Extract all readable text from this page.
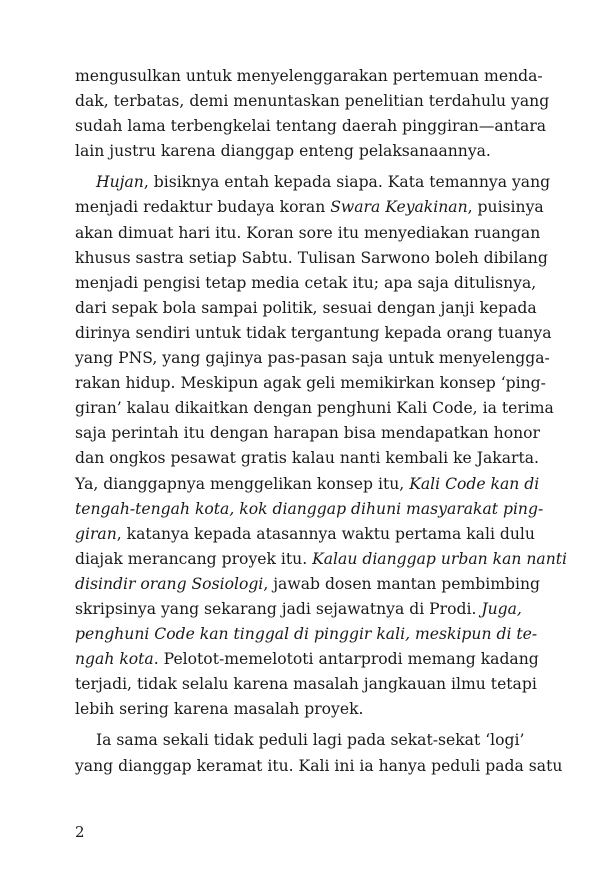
mengusulkan untuk menyelenggarakan pertemuan menda-
dak, terbatas, demi menuntaskan penelitian terdahulu yang
sudah lama terbengkelai tentang daerah pinggiran—antara
lain justru karena dianggap enteng pelaksanaannya.

Hujan, bisiknya entah kepada siapa. Kata temannya yang
menjadi redaktur budaya koran Swara Keyakinan, puisinya
akan dimuat hari itu. Koran sore itu menyediakan ruangan
khusus sastra setiap Sabtu. Tulisan Sarwono boleh dibilang
menjadi pengisi tetap media cetak itu; apa saja ditulisnya,
dari sepak bola sampai politik, sesuai dengan janji kepada
dirinya sendiri untuk tidak tergantung kepada orang tuanya
yang PNS, yang gajinya pas-pasan saja untuk menyelengga-
rakan hidup. Meskipun agak geli memikirkan konsep ‘ping-
giran’ kalau dikaitkan dengan penghuni Kali Code, ia terima
saja perintah itu dengan harapan bisa mendapatkan honor
dan ongkos pesawat gratis kalau nanti kembali ke Jakarta.
Ya, dianggapnya menggelikan konsep itu, Kali Code kan di
tengah-tengah kota, kok dianggap dihuni masyarakat ping-
giran, katanya kepada atasannya waktu pertama kali dulu
diajak merancang proyek itu. Kalau dianggap urban kan nanti
disindir orang Sosiologi, jawab dosen mantan pembimbing
skripsinya yang sekarang jadi sejawatnya di Prodi. Juga,
penghuni Code kan tinggal di pinggir kali, meskipun di te-
ngah kota. Pelotot-memelototi antarprodi memang kadang
terjadi, tidak selalu karena masalah jangkauan ilmu tetapi
lebih sering karena masalah proyek.

Ia sama sekali tidak peduli lagi pada sekat-sekat ‘logi’
yang dianggap keramat itu. Kali ini ia hanya peduli pada satu

2
